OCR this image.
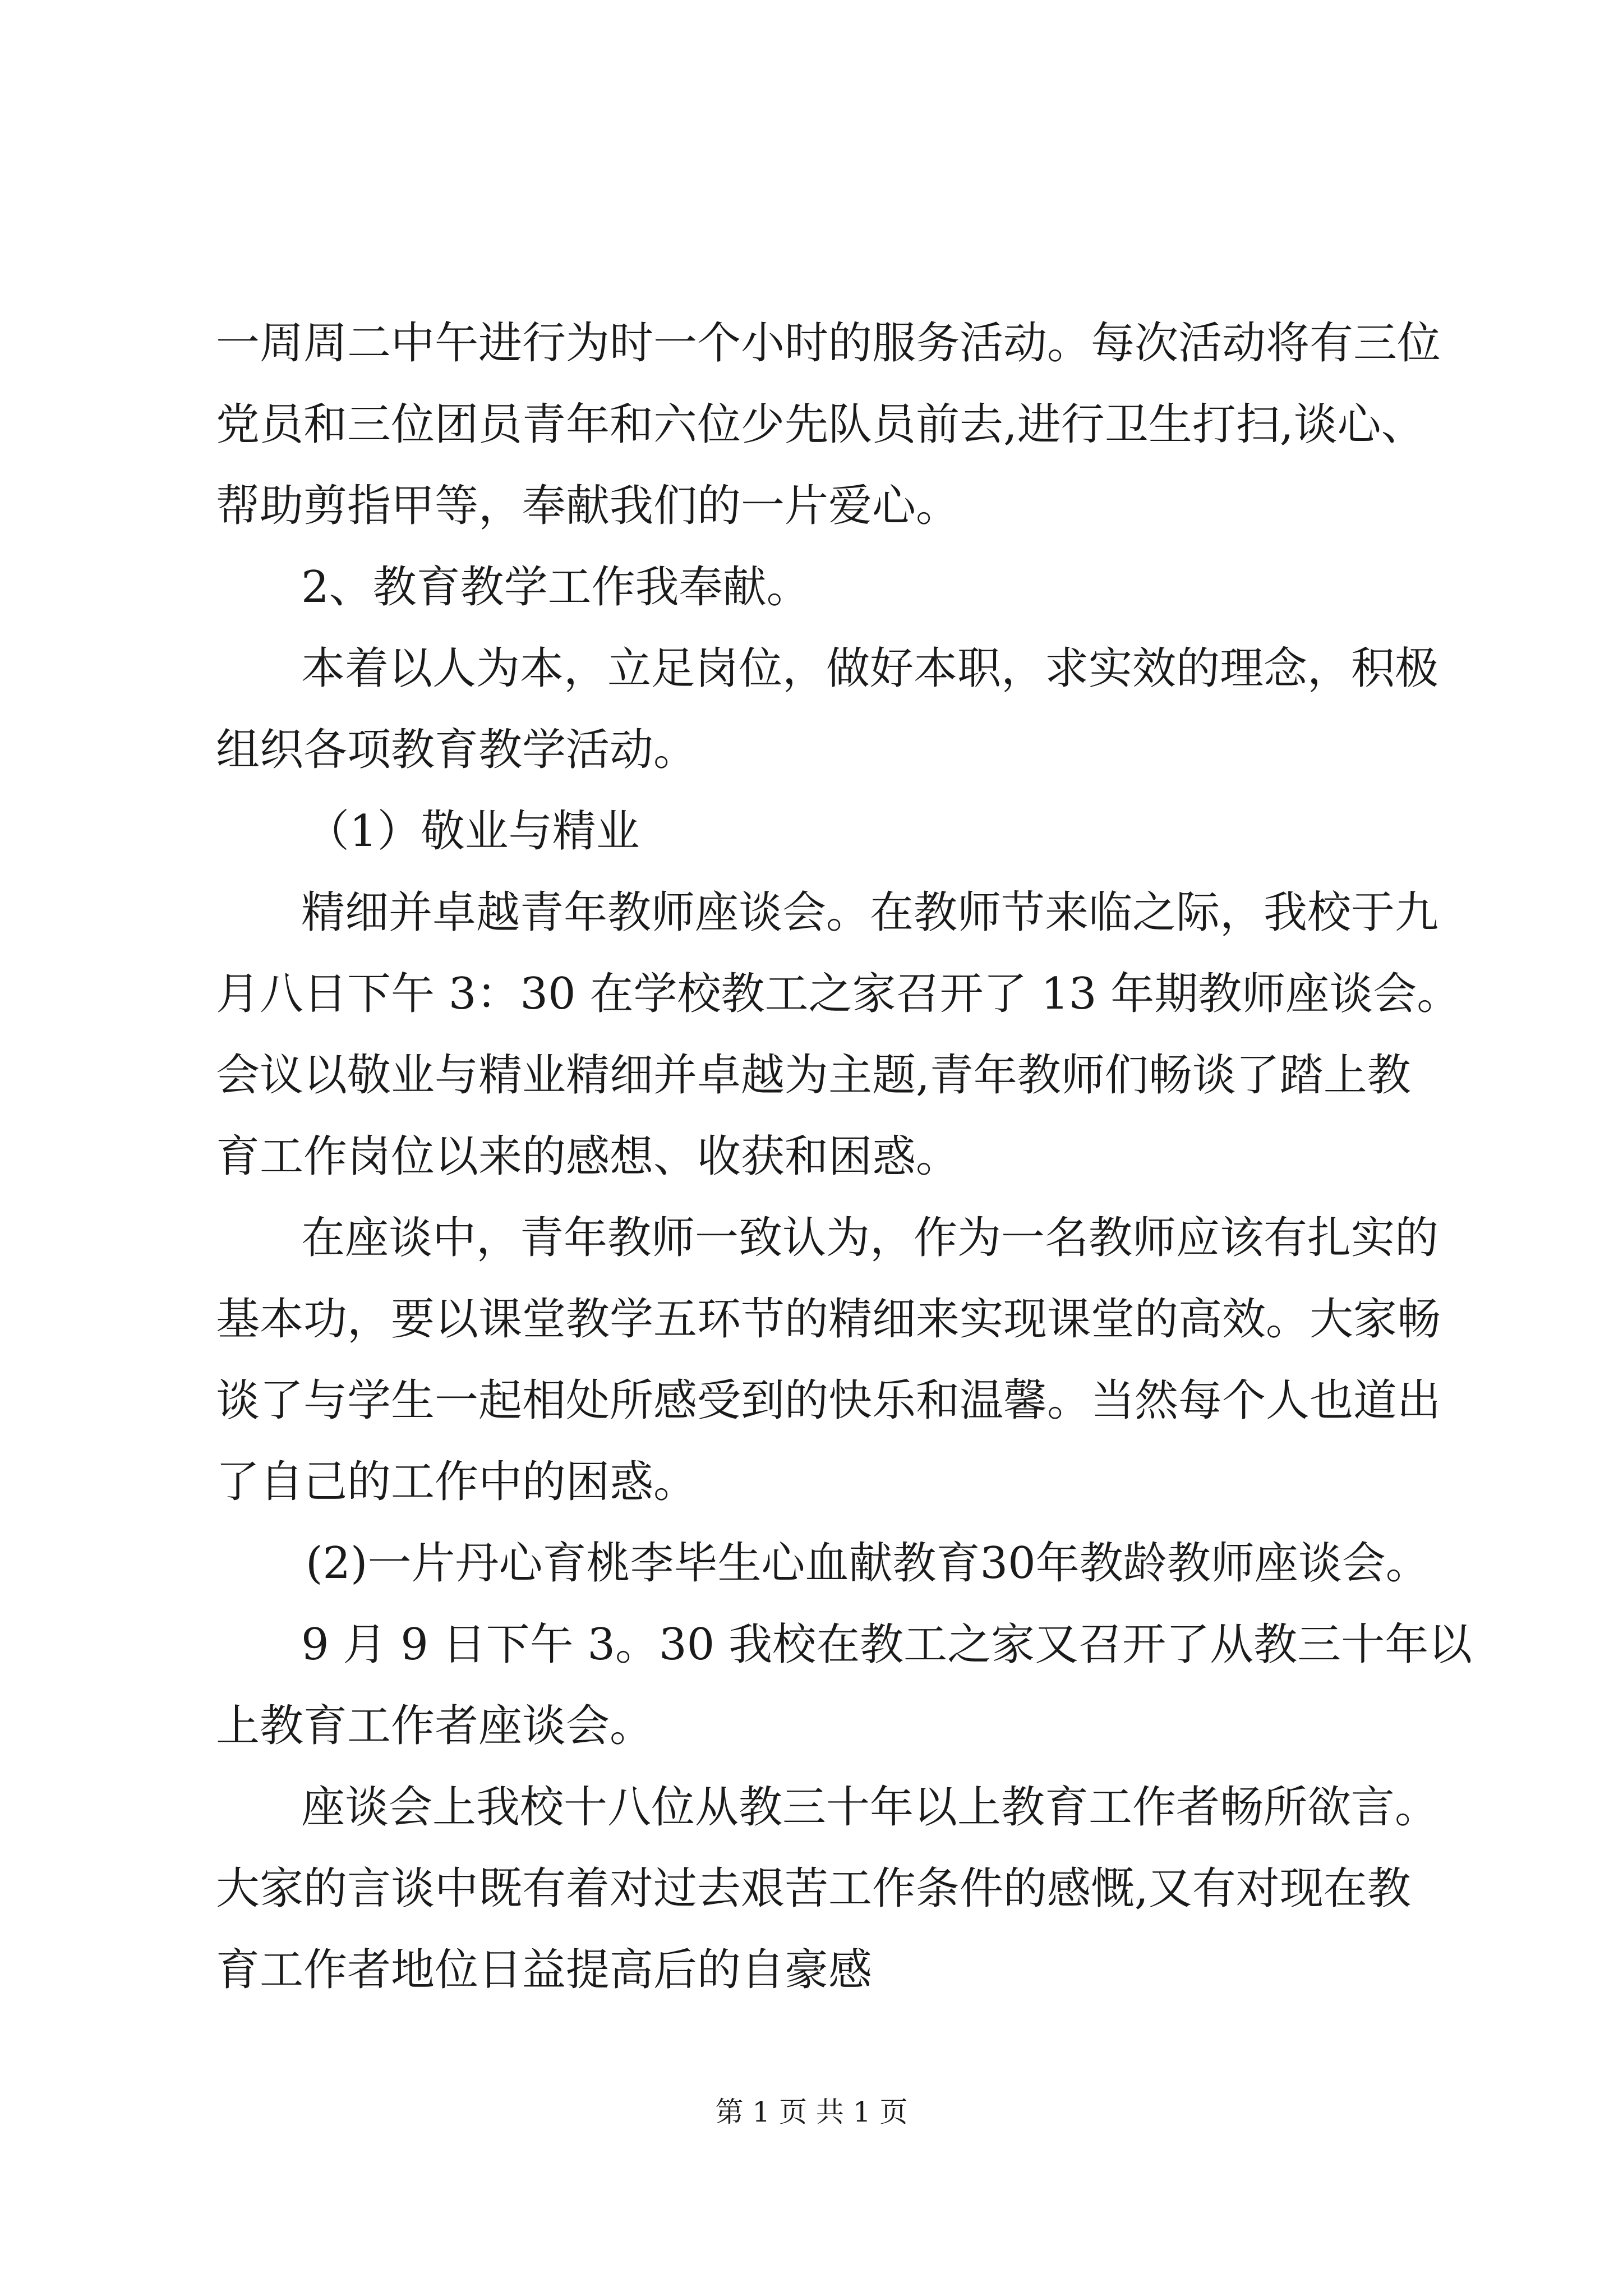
一周周二中午进行为时一个小时的服务活动。每次活动将有三位
党员和三位团员青年和六位少先队员前去,进行卫生打扫,谈心、
帮助剪指甲等，奉献我们的一片爱心。
2、教育教学工作我奉献。
本着以人为本，立足岗位，做好本职，求实效的理念，积极
组织各项教育教学活动。
（1）敬业与精业
精细并卓越青年教师座谈会。在教师节来临之际，我校于九
月八日下午 3：30 在学校教工之家召开了 13 年期教师座谈会。
会议以敬业与精业精细并卓越为主题,青年教师们畅谈了踏上教
育工作岗位以来的感想、收获和困惑。
在座谈中，青年教师一致认为，作为一名教师应该有扎实的
基本功，要以课堂教学五环节的精细来实现课堂的高效。大家畅
谈了与学生一起相处所感受到的快乐和温馨。当然每个人也道出
了自己的工作中的困惑。
(2)一片丹心育桃李毕生心血献教育30年教龄教师座谈会。
9 月 9 日下午 3。30 我校在教工之家又召开了从教三十年以
上教育工作者座谈会。
座谈会上我校十八位从教三十年以上教育工作者畅所欲言。
大家的言谈中既有着对过去艰苦工作条件的感慨,又有对现在教
育工作者地位日益提高后的自豪感
第 1 页 共 1 页
